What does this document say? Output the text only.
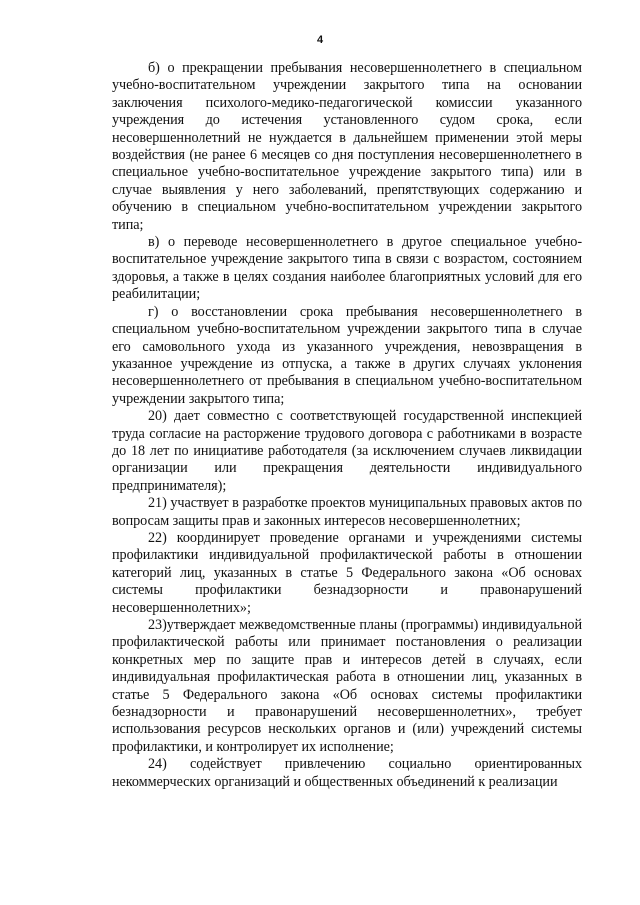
4

б) о прекращении пребывания несовершеннолетнего в специальном учебно-воспитательном учреждении закрытого типа на основании заключения психолого-медико-педагогической комиссии указанного учреждения до истечения установленного судом срока, если несовершеннолетний не нуждается в дальнейшем применении этой меры воздействия (не ранее 6 месяцев со дня поступления несовершеннолетнего в специальное учебно-воспитательное учреждение закрытого типа) или в случае выявления у него заболеваний, препятствующих содержанию и обучению в специальном учебно-воспитательном учреждении закрытого типа;

в) о переводе несовершеннолетнего в другое специальное учебно-воспитательное учреждение закрытого типа в связи с возрастом, состоянием здоровья, а также в целях создания наиболее благоприятных условий для его реабилитации;

г) о восстановлении срока пребывания несовершеннолетнего в специальном учебно-воспитательном учреждении закрытого типа в случае его самовольного ухода из указанного учреждения, невозвращения в указанное учреждение из отпуска, а также в других случаях уклонения несовершеннолетнего от пребывания в специальном учебно-воспитательном учреждении закрытого типа;

20) дает совместно с соответствующей государственной инспекцией труда согласие на расторжение трудового договора с работниками в возрасте до 18 лет по инициативе работодателя (за исключением случаев ликвидации организации или прекращения деятельности индивидуального предпринимателя);

21) участвует в разработке проектов муниципальных правовых актов по вопросам защиты прав и законных интересов несовершеннолетних;

22) координирует проведение органами и учреждениями системы профилактики индивидуальной профилактической работы в отношении категорий лиц, указанных в статье 5 Федерального закона «Об основах системы профилактики безнадзорности и правонарушений несовершеннолетних»;

23)утверждает межведомственные планы (программы) индивидуальной профилактической работы или принимает постановления о реализации конкретных мер по защите прав и интересов детей в случаях, если индивидуальная профилактическая работа в отношении лиц, указанных в статье 5 Федерального закона «Об основах системы профилактики безнадзорности и правонарушений несовершеннолетних», требует использования ресурсов нескольких органов и (или) учреждений системы профилактики, и контролирует их исполнение;

24) содействует привлечению социально ориентированных некоммерческих организаций и общественных объединений к реализации
